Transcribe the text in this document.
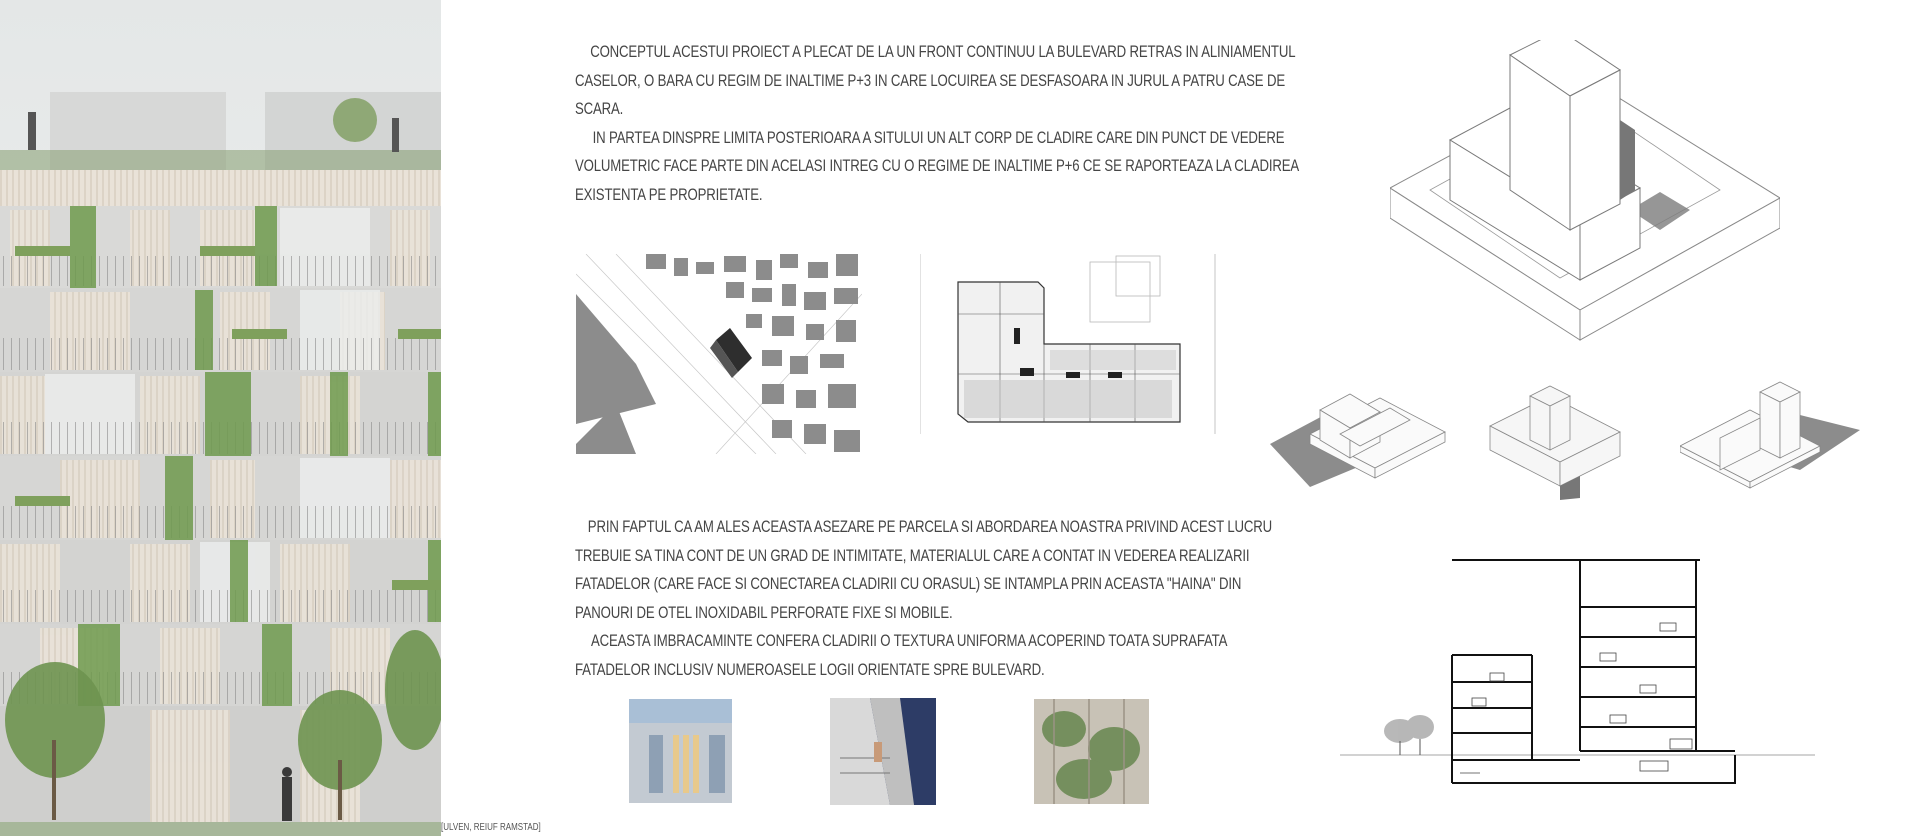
[ULVEN, REIUF RAMSTAD]
CONCEPTUL ACESTUI PROIECT A PLECAT DE LA UN FRONT CONTINUU LA BULEVARD RETRAS IN ALINIAMENTUL
CASELOR, O BARA CU REGIM DE INALTIME P+3 IN CARE LOCUIREA SE DESFASOARA IN JURUL A PATRU CASE DE
SCARA.
IN PARTEA DINSPRE LIMITA POSTERIOARA A SITULUI UN ALT CORP DE CLADIRE CARE DIN PUNCT DE VEDERE
VOLUMETRIC FACE PARTE DIN ACELASI INTREG CU O REGIME DE INALTIME P+6 CE SE RAPORTEAZA LA CLADIREA
EXISTENTA PE PROPRIETATE.
PRIN FAPTUL CA AM ALES ACEASTA ASEZARE PE PARCELA SI ABORDAREA NOASTRA PRIVIND ACEST LUCRU
TREBUIE SA TINA CONT DE UN GRAD DE INTIMITATE, MATERIALUL CARE A CONTAT IN VEDEREA REALIZARII
FATADELOR (CARE FACE SI CONECTAREA CLADIRII CU ORASUL) SE INTAMPLA PRIN ACEASTA "HAINA" DIN
PANOURI DE OTEL INOXIDABIL PERFORATE FIXE SI MOBILE.
ACEASTA IMBRACAMINTE CONFERA CLADIRII O TEXTURA UNIFORMA ACOPERIND TOATA SUPRAFATA
FATADELOR INCLUSIV NUMEROASELE LOGII ORIENTATE SPRE BULEVARD.
